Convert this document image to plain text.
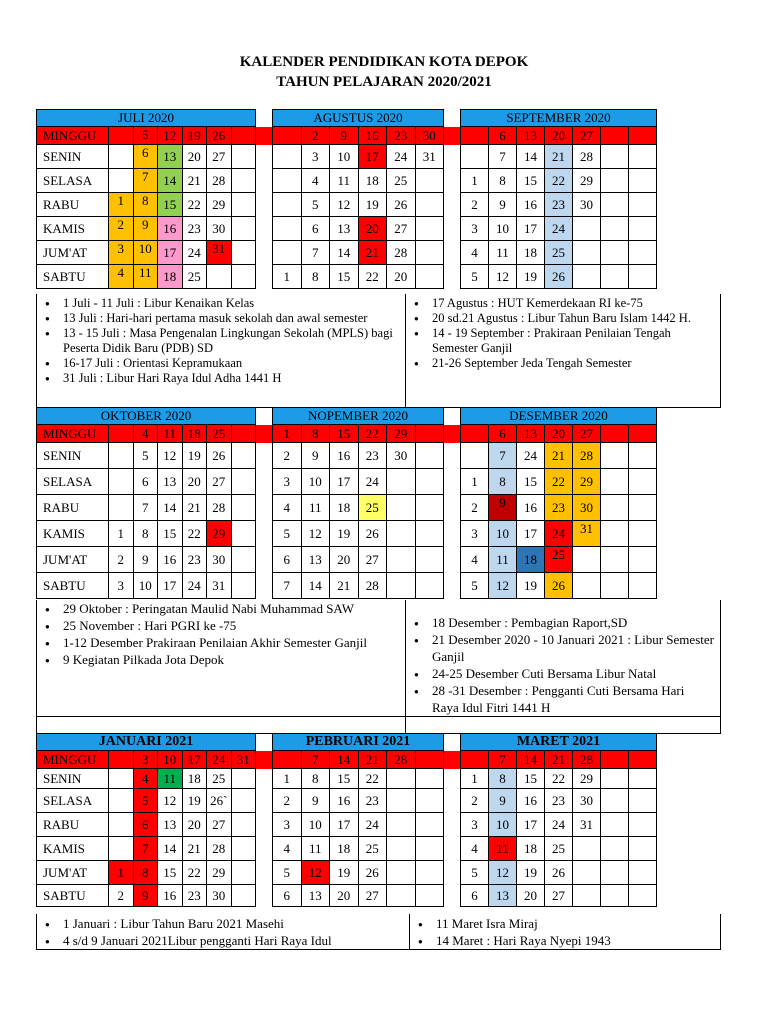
KALENDER PENDIDIKAN KOTA DEPOK
TAHUN PELAJARAN 2020/2021
JULI 2020								AGUSTUS 2020							SEPTEMBER 2020						
MINGGU		5	12	19	26				2	9	16	23	30			6	13	20	27		
SENIN		6	13	20	27				3	10	17	24	31			7	14	21	28		
SELASA		7	14	21	28				4	11	18	25			1	8	15	22	29		
RABU	1	8	15	22	29				5	12	19	26			2	9	16	23	30		
KAMIS	2	9	16	23	30				6	13	20	27			3	10	17	24			
JUM'AT	3	10	17	24	31				7	14	21	28			4	11	18	25			
SABTU	4	11	18	25				1	8	15	22	20			5	12	19	26			
● 1 Juli - 11 Juli : Libur Kenaikan Kelas
● 13 Juli : Hari-hari pertama masuk sekolah dan awal semester
● 13 - 15 Juli : Masa Pengenalan Lingkungan Sekolah (MPLS) bagi Peserta Didik Baru (PDB) SD
● 16-17 Juli : Orientasi Kepramukaan
● 31 Juli : Libur Hari Raya Idul Adha 1441 H
● 17 Agustus : HUT Kemerdekaan RI ke-75
● 20 sd.21 Agustus : Libur Tahun Baru Islam 1442 H.
● 14 - 19 September : Prakiraan Penilaian Tengah Semester Ganjil
● 21-26 September Jeda Tengah Semester
OKTOBER 2020								NOPEMBER 2020							DESEMBER 2020						
MINGGU		4	11	18	25			1	8	15	22	29				6	13	20	27		
SENIN		5	12	19	26			2	9	16	23	30				7	24	21	28		
SELASA		6	13	20	27			3	10	17	24				1	8	15	22	29		
RABU		7	14	21	28			4	11	18	25				2	9	16	23	30		
KAMIS	1	8	15	22	29			5	12	19	26				3	10	17	24	31		
JUM'AT	2	9	16	23	30			6	13	20	27				4	11	18	25			
SABTU	3	10	17	24	31			7	14	21	28				5	12	19	26			
● 29 Oktober : Peringatan Maulid Nabi Muhammad SAW
● 25 November : Hari PGRI ke -75
● 1-12 Desember Prakiraan Penilaian Akhir Semester Ganjil
● 9 Kegiatan Pilkada Jota Depok
● 18 Desember : Pembagian Raport,SD
● 21 Desember 2020 - 10 Januari 2021 : Libur Semester Ganjil
● 24-25 Desember Cuti Bersama Libur Natal
● 28 -31 Desember : Pengganti Cuti Bersama Hari Raya Idul Fitri 1441 H
JANUARI 2021								PEBRUARI 2021							MARET 2021						
MINGGU		3	10	17	24	31			7	14	21	28				7	14	21	28		
SENIN		4	11	18	25			1	8	15	22				1	8	15	22	29		
SELASA		5	12	19	26`			2	9	16	23				2	9	16	23	30		
RABU		6	13	20	27			3	10	17	24				3	10	17	24	31		
KAMIS		7	14	21	28			4	11	18	25				4	11	18	25			
JUM'AT	1	8	15	22	29			5	12	19	26				5	12	19	26			
SABTU	2	9	16	23	30			6	13	20	27				6	13	20	27			
● 1 Januari : Libur Tahun Baru 2021 Masehi
● 4 s/d 9 Januari 2021Libur pengganti Hari Raya Idul
● 11 Maret Isra Miraj
● 14 Maret : Hari Raya Nyepi 1943
